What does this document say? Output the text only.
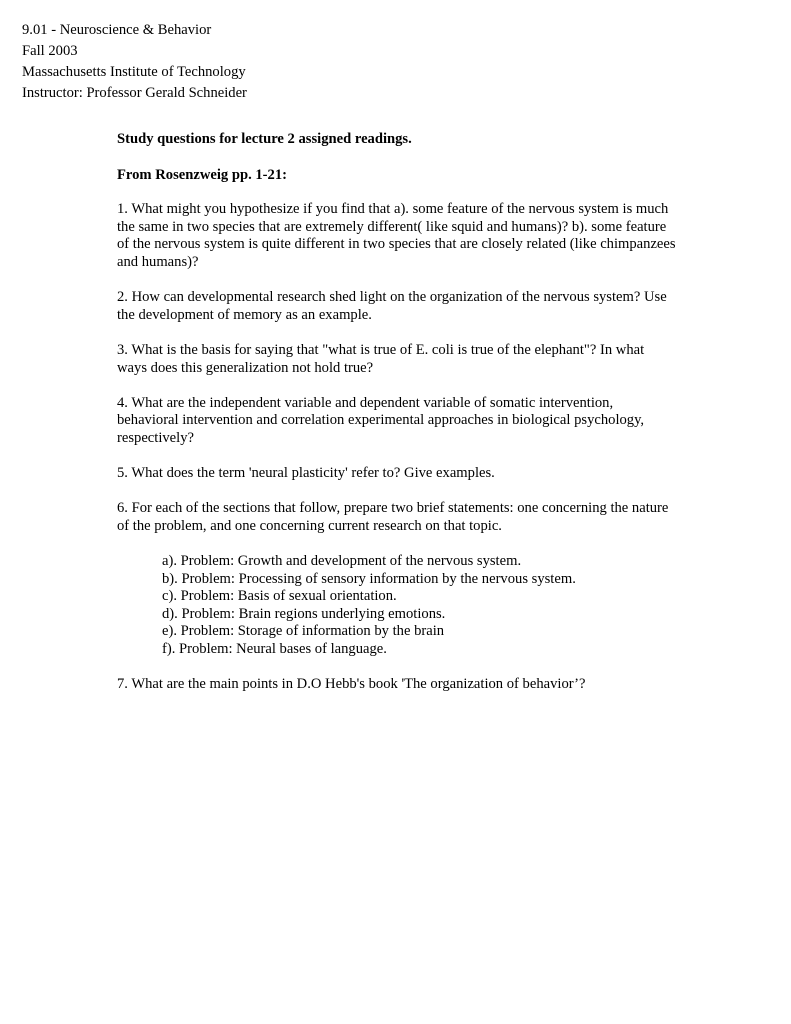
9.01 - Neuroscience & Behavior
Fall 2003
Massachusetts Institute of Technology
Instructor: Professor Gerald Schneider

Study questions for lecture 2 assigned readings.

From Rosenzweig pp. 1-21:

1. What might you hypothesize if you find that a). some feature of the nervous system is much the same in two species that are extremely different( like squid and humans)? b). some feature of the nervous system is quite different in two species that are closely related (like chimpanzees and humans)?

2. How can developmental research shed light on the organization of the nervous system? Use the development of memory as an example.

3. What is the basis for saying that "what is true of E. coli is true of the elephant"? In what ways does this generalization not hold true?

4. What are the independent variable and dependent variable of somatic intervention, behavioral intervention and correlation experimental approaches in biological psychology, respectively?

5. What does the term 'neural plasticity' refer to? Give examples.

6. For each of the sections that follow, prepare two brief statements: one concerning the nature of the problem, and one concerning current research on that topic.

a). Problem: Growth and development of the nervous system.
b). Problem: Processing of sensory information by the nervous system.
c). Problem: Basis of sexual orientation.
d). Problem: Brain regions underlying emotions.
e). Problem: Storage of information by the brain
f). Problem: Neural bases of language.

7. What are the main points in D.O Hebb's book 'The organization of behavior’?
